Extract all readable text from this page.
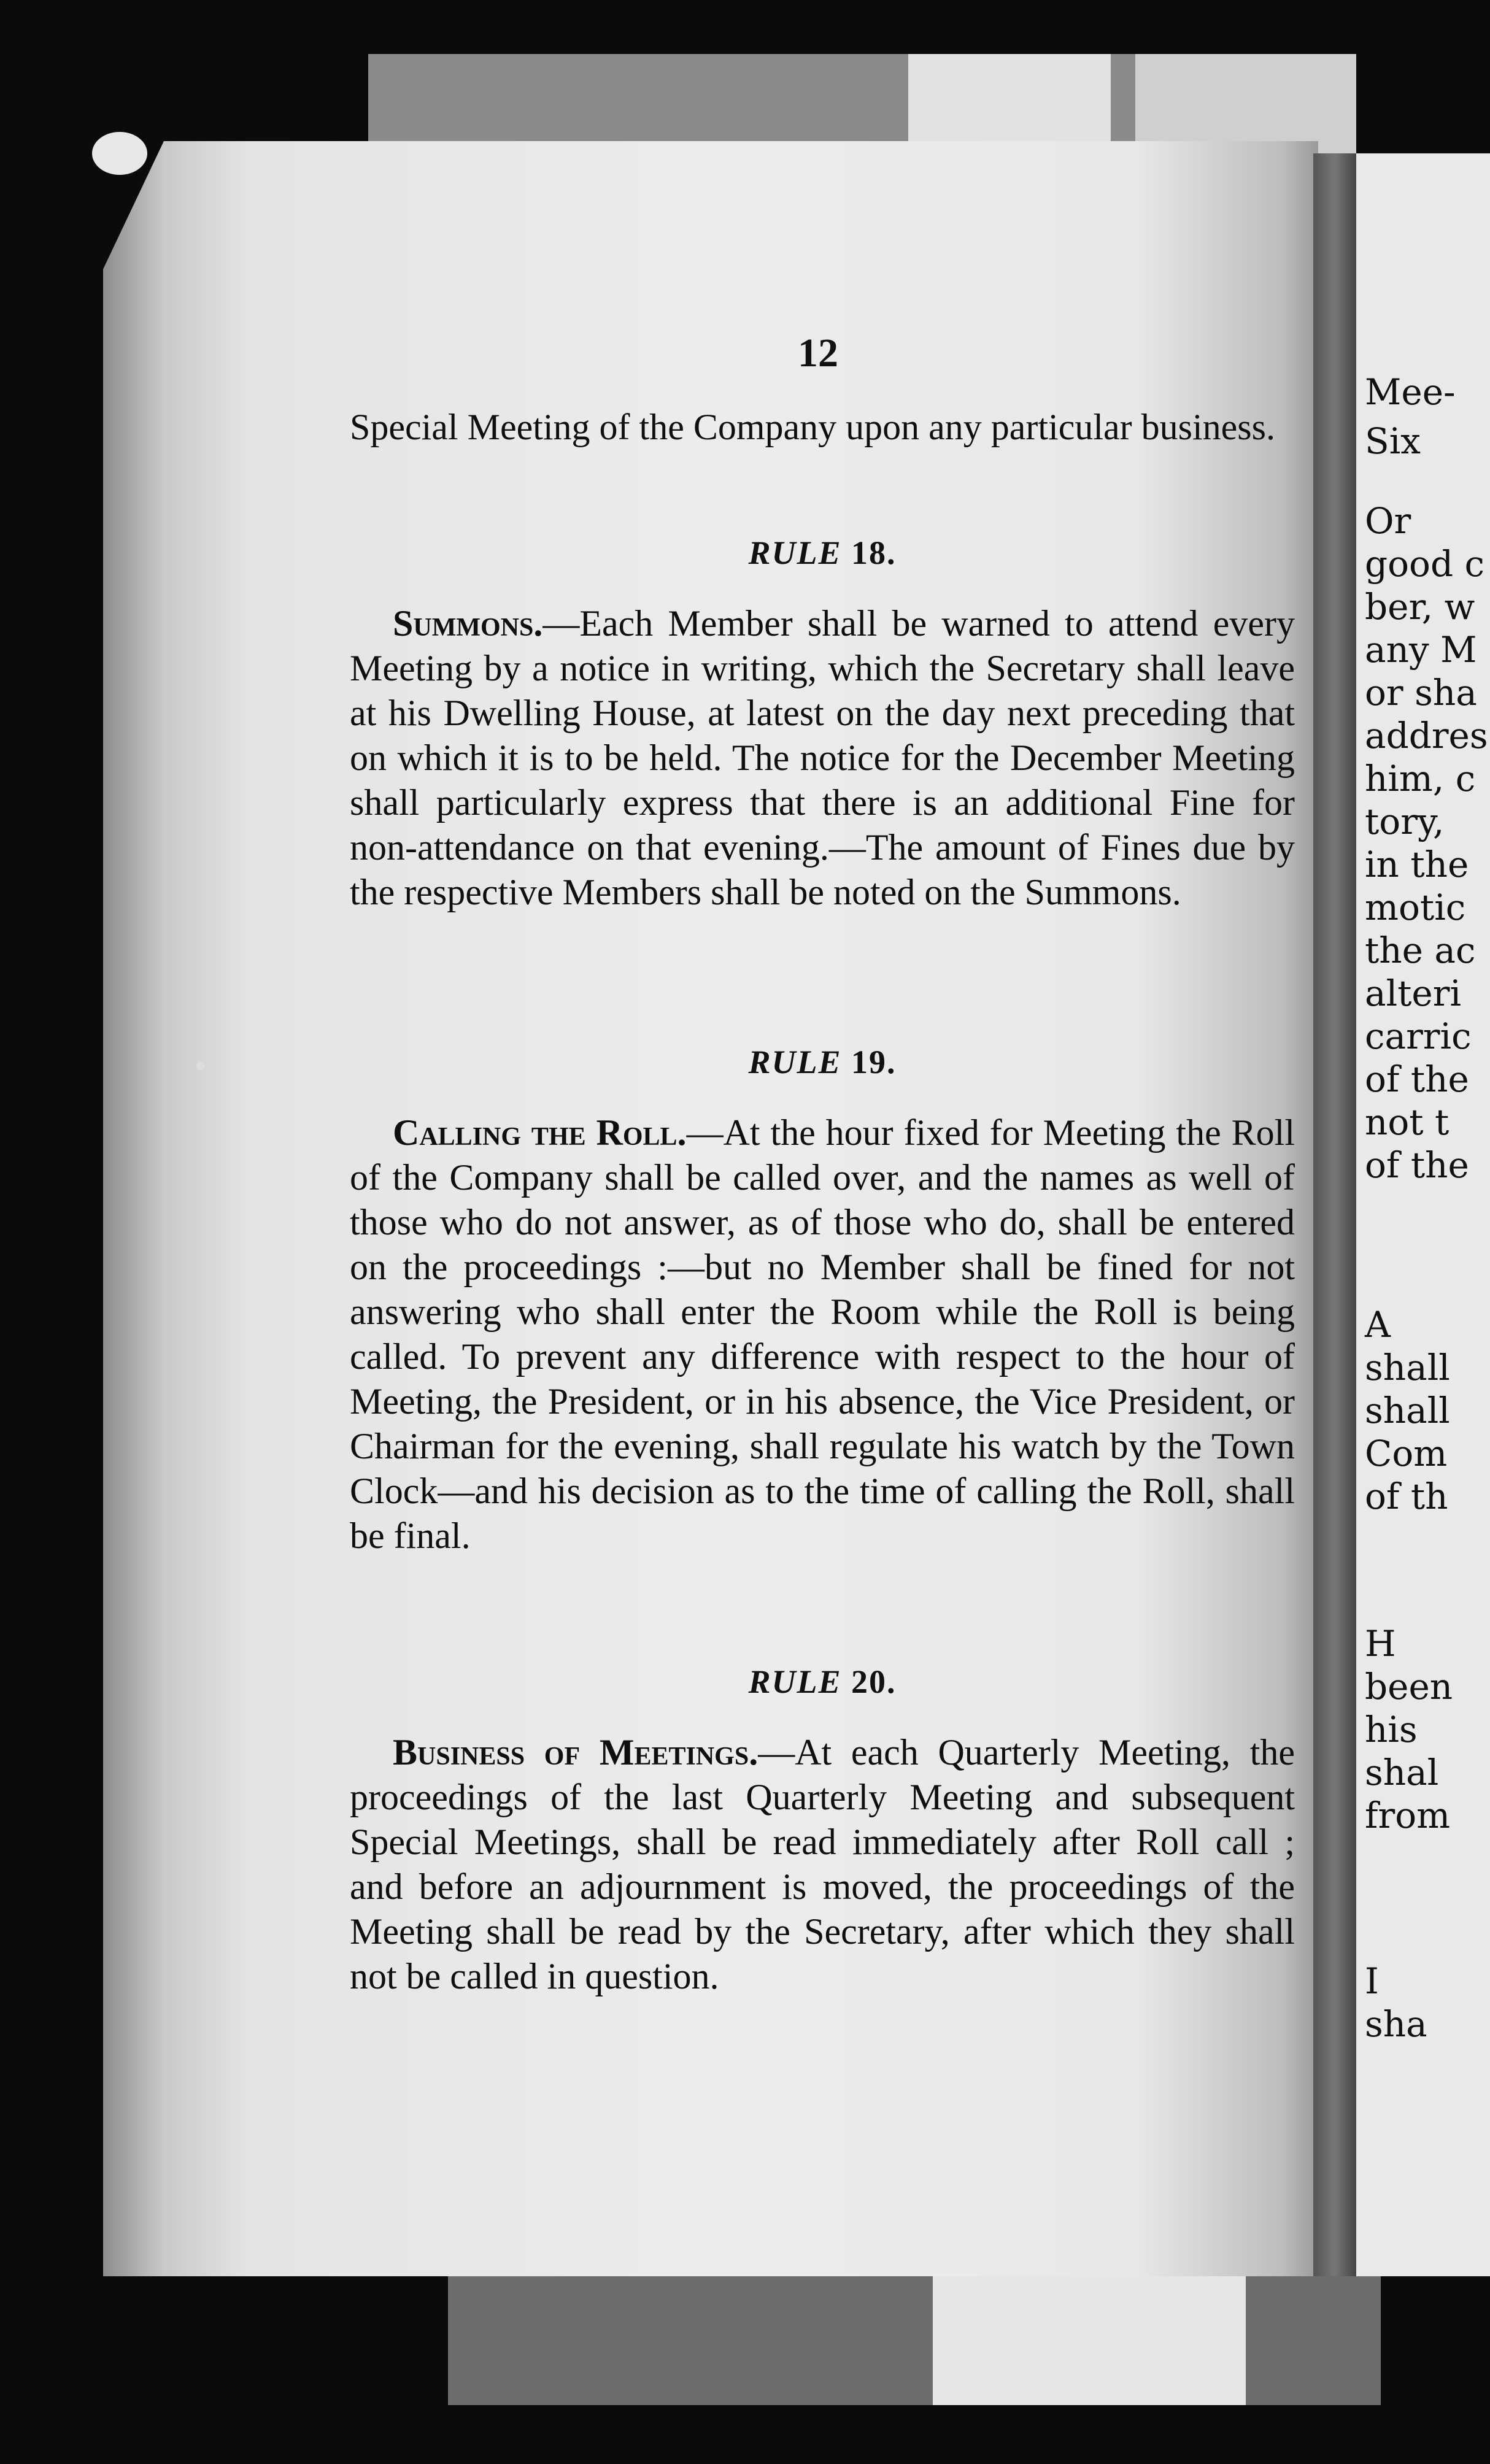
Mee-
Six
Or
good c
ber, w
any M
or sha
addres
him, c
tory,
in the
motic
the ac
alteri
carric
of the
not t
of the
A
shall
shall
Com
of th
H
been
his
shal
from
I
sha
12
Special Meeting of the Company upon any particular business.
RULE 18.
Summons.—Each Member shall be warned to attend every Meeting by a notice in writing, which the Secretary shall leave at his Dwelling House, at latest on the day next preceding that on which it is to be held. The notice for the December Meeting shall particularly express that there is an additional Fine for non-attendance on that evening.—The amount of Fines due by the respective Members shall be noted on the Summons.
RULE 19.
Calling the Roll.—At the hour fixed for Meeting the Roll of the Company shall be called over, and the names as well of those who do not answer, as of those who do, shall be entered on the proceedings :—but no Member shall be fined for not answering who shall enter the Room while the Roll is being called. To prevent any difference with respect to the hour of Meeting, the President, or in his absence, the Vice President, or Chairman for the evening, shall regulate his watch by the Town Clock—and his decision as to the time of calling the Roll, shall be final.
RULE 20.
Business of Meetings.—At each Quarterly Meeting, the proceedings of the last Quarterly Meeting and subsequent Special Meetings, shall be read immediately after Roll call ; and before an adjournment is moved, the proceedings of the Meeting shall be read by the Secretary, after which they shall not be called in question.
